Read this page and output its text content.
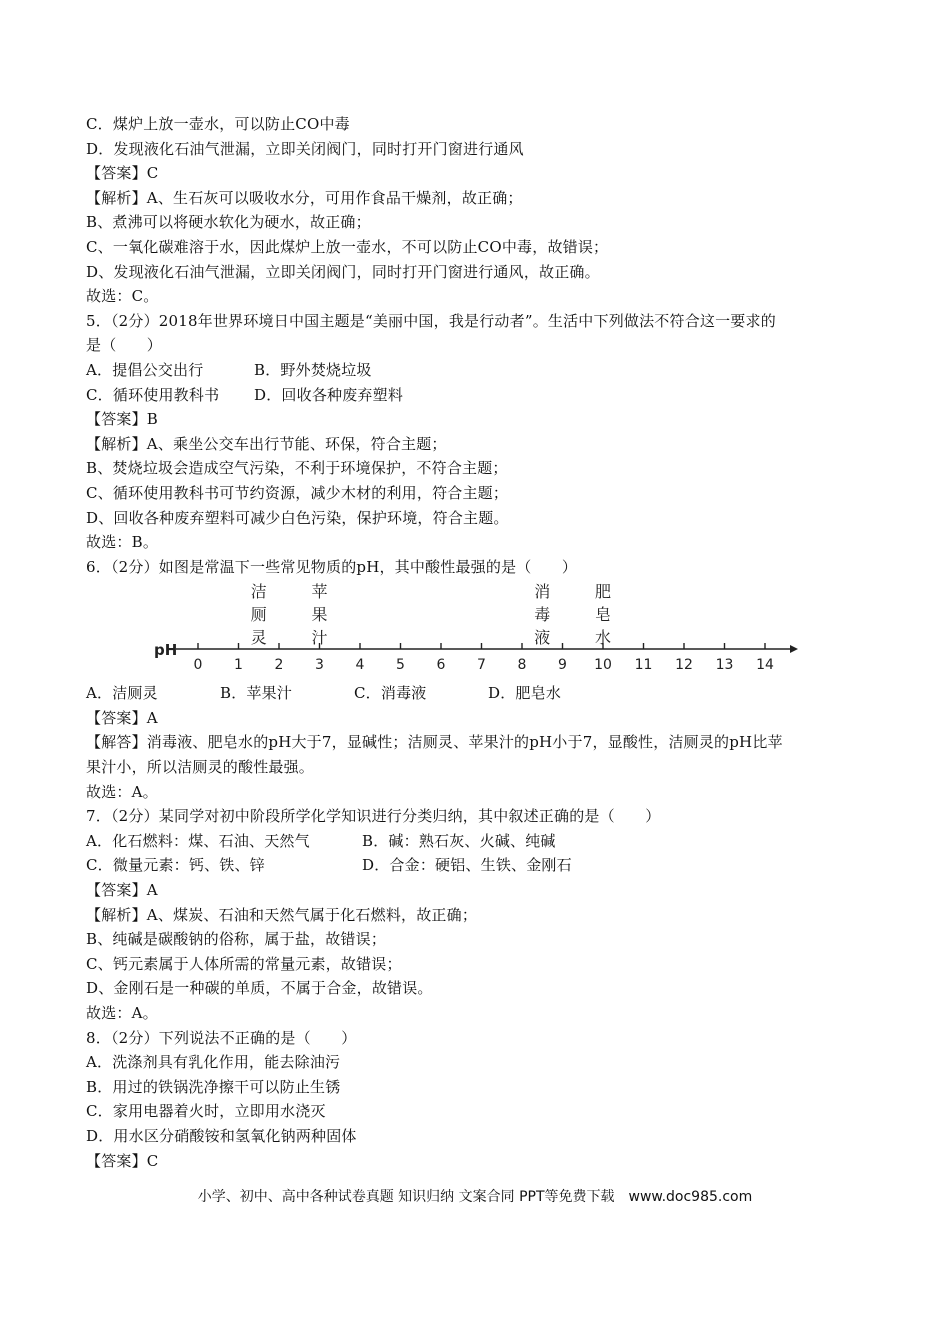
C．煤炉上放一壶水，可以防止CO中毒
D．发现液化石油气泄漏，立即关闭阀门，同时打开门窗进行通风
【答案】C
【解析】A、生石灰可以吸收水分，可用作食品干燥剂，故正确；
B、煮沸可以将硬水软化为硬水，故正确；
C、一氧化碳难溶于水，因此煤炉上放一壶水，不可以防止CO中毒，故错误；
D、发现液化石油气泄漏，立即关闭阀门，同时打开门窗进行通风，故正确。
故选：C。
5．（2分）2018年世界环境日中国主题是“美丽中国，我是行动者”。生活中下列做法不符合这一要求的
是（　　）
A．提倡公交出行	B．野外焚烧垃圾
C．循环使用教科书	D．回收各种废弃塑料
【答案】B
【解析】A、乘坐公交车出行节能、环保，符合主题；
B、焚烧垃圾会造成空气污染，不利于环境保护，不符合主题；
C、循环使用教科书可节约资源，减少木材的利用，符合主题；
D、回收各种废弃塑料可减少白色污染，保护环境，符合主题。
故选：B。
6．（2分）如图是常温下一些常见物质的pH，其中酸性最强的是（　　）
pH
0 1 2 3 4 5 6 7 8 9 10 11 12 13 14
洁
厕
灵
苹
果
汁
消
毒
液
肥
皂
水
A．洁厕灵	B．苹果汁	C．消毒液	D．肥皂水
【答案】A
【解答】消毒液、肥皂水的pH大于7，显碱性；洁厕灵、苹果汁的pH小于7，显酸性，洁厕灵的pH比苹
果汁小，所以洁厕灵的酸性最强。
故选：A。
7．（2分）某同学对初中阶段所学化学知识进行分类归纳，其中叙述正确的是（　　）
A．化石燃料：煤、石油、天然气	B．碱：熟石灰、火碱、纯碱
C．微量元素：钙、铁、锌	D．合金：硬铝、生铁、金刚石
【答案】A
【解析】A、煤炭、石油和天然气属于化石燃料，故正确；
B、纯碱是碳酸钠的俗称，属于盐，故错误；
C、钙元素属于人体所需的常量元素，故错误；
D、金刚石是一种碳的单质，不属于合金，故错误。
故选：A。
8．（2分）下列说法不正确的是（　　）
A．洗涤剂具有乳化作用，能去除油污
B．用过的铁锅洗净擦干可以防止生锈
C．家用电器着火时，立即用水浇灭
D．用水区分硝酸铵和氢氧化钠两种固体
【答案】C
小学、初中、高中各种试卷真题 知识归纳 文案合同 PPT等免费下载　www.doc985.com
